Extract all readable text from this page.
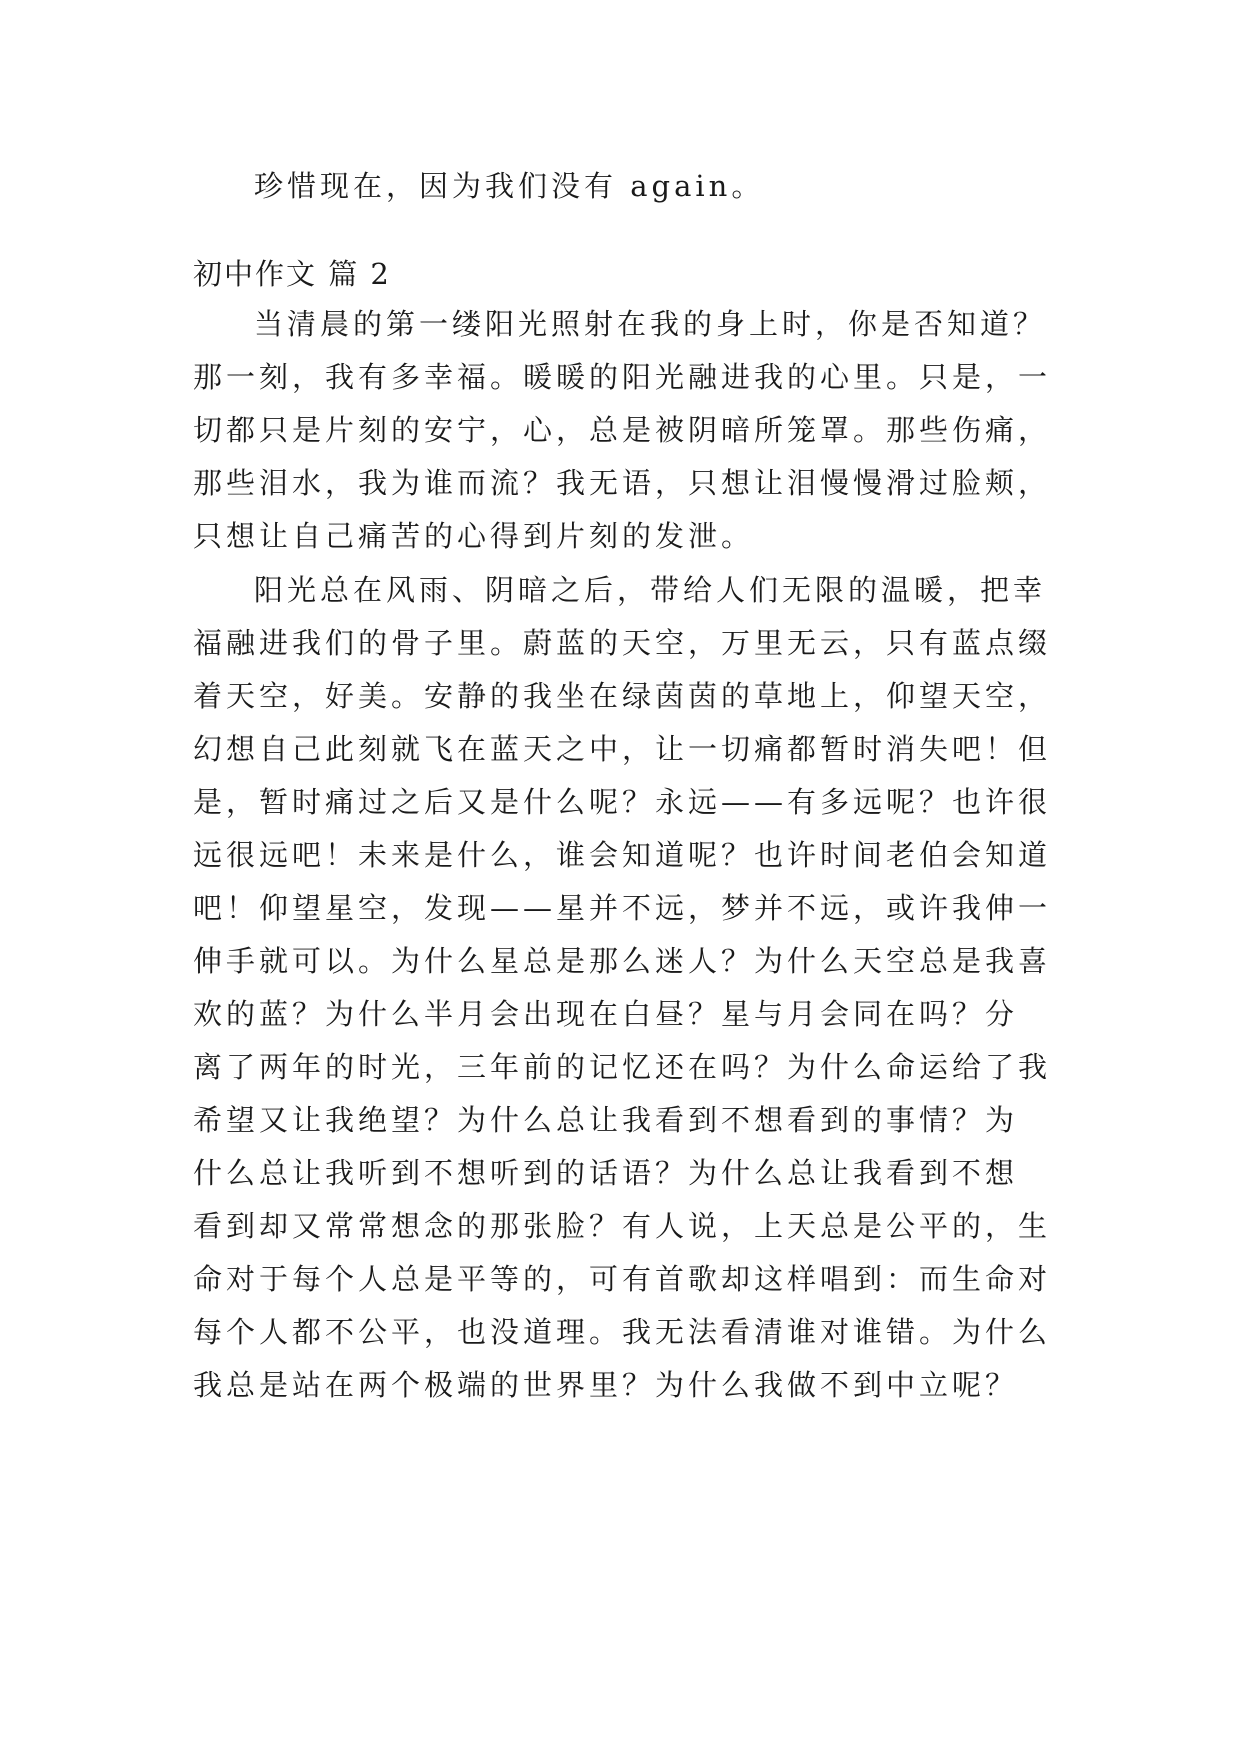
珍惜现在，因为我们没有 again。
初中作文 篇 2
当清晨的第一缕阳光照射在我的身上时，你是否知道？
那一刻，我有多幸福。暖暖的阳光融进我的心里。只是，一
切都只是片刻的安宁，心，总是被阴暗所笼罩。那些伤痛，
那些泪水，我为谁而流？我无语，只想让泪慢慢滑过脸颊，
只想让自己痛苦的心得到片刻的发泄。
阳光总在风雨、阴暗之后，带给人们无限的温暖，把幸
福融进我们的骨子里。蔚蓝的天空，万里无云，只有蓝点缀
着天空，好美。安静的我坐在绿茵茵的草地上，仰望天空，
幻想自己此刻就飞在蓝天之中，让一切痛都暂时消失吧！但
是，暂时痛过之后又是什么呢？永远——有多远呢？也许很
远很远吧！未来是什么，谁会知道呢？也许时间老伯会知道
吧！仰望星空，发现——星并不远，梦并不远，或许我伸一
伸手就可以。为什么星总是那么迷人？为什么天空总是我喜
欢的蓝？为什么半月会出现在白昼？星与月会同在吗？分
离了两年的时光，三年前的记忆还在吗？为什么命运给了我
希望又让我绝望？为什么总让我看到不想看到的事情？为
什么总让我听到不想听到的话语？为什么总让我看到不想
看到却又常常想念的那张脸？有人说，上天总是公平的，生
命对于每个人总是平等的，可有首歌却这样唱到：而生命对
每个人都不公平，也没道理。我无法看清谁对谁错。为什么
我总是站在两个极端的世界里？为什么我做不到中立呢？
